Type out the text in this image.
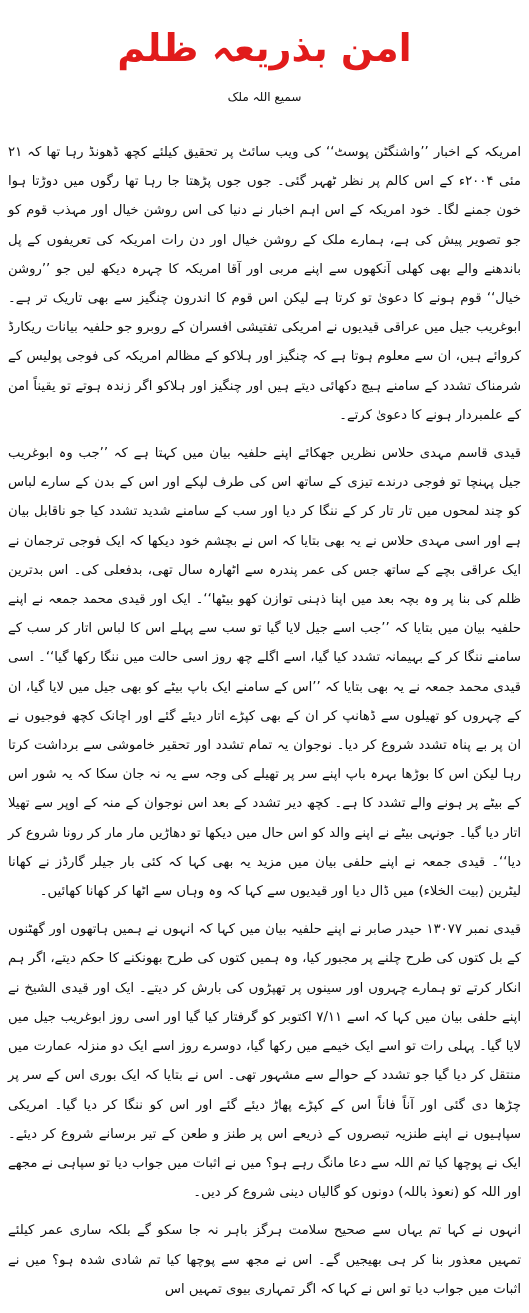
امن بذریعہ ظلم

سمیع اللہ ملک

امریکہ کے اخبار ’’واشنگٹن پوسٹ‘‘ کی ویب سائٹ پر تحقیق کیلئے کچھ ڈھونڈ رہا تھا کہ ۲۱ مئی ۲۰۰۴ء کے اس کالم پر نظر ٹھہر گئی۔ جوں جوں پڑھتا جا رہا تھا رگوں میں دوڑتا ہوا خون جمنے لگا۔ خود امریکہ کے اس اہم اخبار نے دنیا کی اس روشن خیال اور مہذب قوم کو جو تصویر پیش کی ہے، ہمارے ملک کے روشن خیال اور دن رات امریکہ کی تعریفوں کے پل باندھنے والے بھی کھلی آنکھوں سے اپنے مربی اور آقا امریکہ کا چہرہ دیکھ لیں جو ’’روشن خیال‘‘ قوم ہونے کا دعویٰ تو کرتا ہے لیکن اس قوم کا اندرون چنگیز سے بھی تاریک تر ہے۔ ابوغریب جیل میں عراقی قیدیوں نے امریکی تفتیشی افسران کے روبرو جو حلفیہ بیانات ریکارڈ کروائے ہیں، ان سے معلوم ہوتا ہے کہ چنگیز اور ہلاکو کے مظالم امریکہ کی فوجی پولیس کے شرمناک تشدد کے سامنے ہیچ دکھائی دیتے ہیں اور چنگیز اور ہلاکو اگر زندہ ہوتے تو یقیناً امن کے علمبردار ہونے کا دعویٰ کرتے۔

قیدی قاسم مہدی حلاس نظریں جھکائے اپنے حلفیہ بیان میں کہتا ہے کہ ’’جب وہ ابوغریب جیل پہنچا تو فوجی درندے تیزی کے ساتھ اس کی طرف لپکے اور اس کے بدن کے سارے لباس کو چند لمحوں میں تار تار کر کے ننگا کر دیا اور سب کے سامنے شدید تشدد کیا جو ناقابل بیان ہے اور اسی مہدی حلاس نے یہ بھی بتایا کہ اس نے بچشم خود دیکھا کہ ایک فوجی ترجمان نے ایک عراقی بچے کے ساتھ جس کی عمر پندرہ سے اٹھارہ سال تھی، بدفعلی کی۔ اس بدترین ظلم کی بنا پر وہ بچہ بعد میں اپنا ذہنی توازن کھو بیٹھا‘‘۔ ایک اور قیدی محمد جمعہ نے اپنے حلفیہ بیان میں بتایا کہ ’’جب اسے جیل لایا گیا تو سب سے پہلے اس کا لباس اتار کر سب کے سامنے ننگا کر کے بہیمانہ تشدد کیا گیا، اسے اگلے چھ روز اسی حالت میں ننگا رکھا گیا‘‘۔ اسی قیدی محمد جمعہ نے یہ بھی بتایا کہ ’’اس کے سامنے ایک باپ بیٹے کو بھی جیل میں لایا گیا، ان کے چہروں کو تھیلوں سے ڈھانپ کر ان کے بھی کپڑے اتار دیئے گئے اور اچانک کچھ فوجیوں نے ان پر بے پناہ تشدد شروع کر دیا۔ نوجوان یہ تمام تشدد اور تحقیر خاموشی سے برداشت کرتا رہا لیکن اس کا بوڑھا بہرہ باپ اپنے سر پر تھیلے کی وجہ سے یہ نہ جان سکا کہ یہ شور اس کے بیٹے پر ہونے والے تشدد کا ہے۔ کچھ دیر تشدد کے بعد اس نوجوان کے منہ کے اوپر سے تھیلا اتار دیا گیا۔ جونہی بیٹے نے اپنے والد کو اس حال میں دیکھا تو دھاڑیں مار مار کر رونا شروع کر دیا‘‘۔ قیدی جمعہ نے اپنے حلفی بیان میں مزید یہ بھی کہا کہ کئی بار جیلر گارڈز نے کھانا لیٹرین (بیت الخلاء) میں ڈال دیا اور قیدیوں سے کہا کہ وہ وہاں سے اٹھا کر کھانا کھائیں۔

قیدی نمبر ۱۳۰۷۷ حیدر صابر نے اپنے حلفیہ بیان میں کہا کہ انہوں نے ہمیں ہاتھوں اور گھٹنوں کے بل کتوں کی طرح چلنے پر مجبور کیا، وہ ہمیں کتوں کی طرح بھونکنے کا حکم دیتے، اگر ہم انکار کرتے تو ہمارے چہروں اور سینوں پر تھپڑوں کی بارش کر دیتے۔ ایک اور قیدی الشیخ نے اپنے حلفی بیان میں کہا کہ اسے ۷/۱۱ اکتوبر کو گرفتار کیا گیا اور اسی روز ابوغریب جیل میں لایا گیا۔ پہلی رات تو اسے ایک خیمے میں رکھا گیا، دوسرے روز اسے ایک دو منزلہ عمارت میں منتقل کر دیا گیا جو تشدد کے حوالے سے مشہور تھی۔ اس نے بتایا کہ ایک بوری اس کے سر پر چڑھا دی گئی اور آناً فاناً اس کے کپڑے پھاڑ دیئے گئے اور اس کو ننگا کر دیا گیا۔ امریکی سپاہیوں نے اپنے طنزیہ تبصروں کے ذریعے اس پر طنز و طعن کے تیر برسانے شروع کر دیئے۔ ایک نے پوچھا کیا تم اللہ سے دعا مانگ رہے ہو؟ میں نے اثبات میں جواب دیا تو سپاہی نے مجھے اور اللہ کو (نعوذ باللہ) دونوں کو گالیاں دینی شروع کر دیں۔

انہوں نے کہا تم یہاں سے صحیح سلامت ہرگز باہر نہ جا سکو گے بلکہ ساری عمر کیلئے تمہیں معذور بنا کر ہی بھیجیں گے۔ اس نے مجھ سے پوچھا کیا تم شادی شدہ ہو؟ میں نے اثبات میں جواب دیا تو اس نے کہا کہ اگر تمہاری بیوی تمہیں اس
